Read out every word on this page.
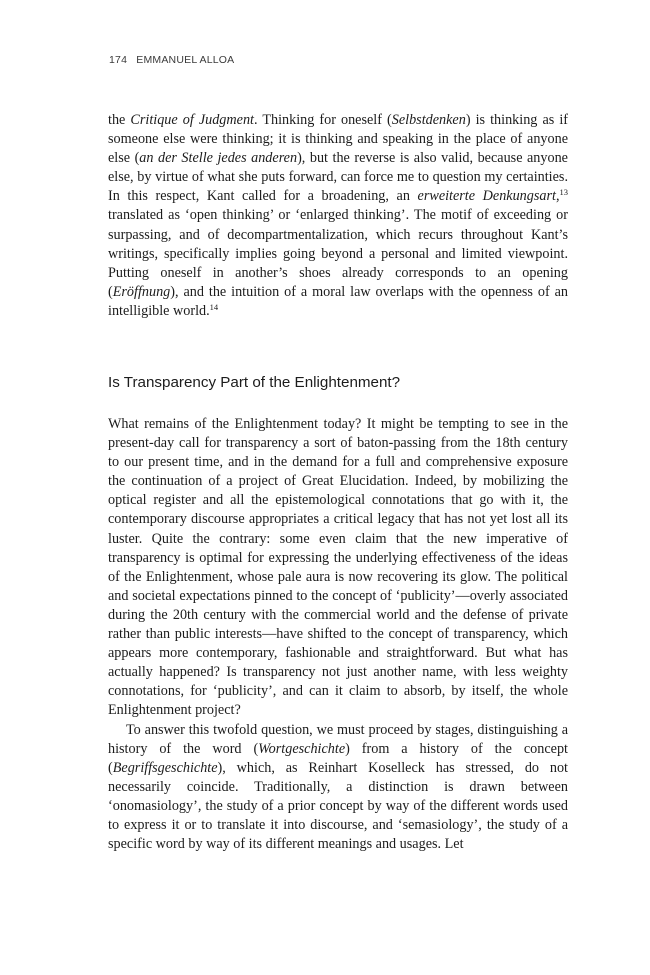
174 EMMANUEL ALLOA

the Critique of Judgment. Thinking for oneself (Selbstdenken) is thinking as if someone else were thinking; it is thinking and speaking in the place of anyone else (an der Stelle jedes anderen), but the reverse is also valid, because anyone else, by virtue of what she puts forward, can force me to question my certainties. In this respect, Kant called for a broadening, an erweiterte Denkungsart,$^{13}$ translated as ‘open thinking’ or ‘enlarged thinking’. The motif of exceeding or surpassing, and of decompartmentalization, which recurs throughout Kant’s writings, specifically implies going beyond a personal and limited viewpoint. Putting oneself in another’s shoes already corresponds to an opening (Eröffnung), and the intuition of a moral law overlaps with the openness of an intelligible world.$^{14}$

Is Transparency Part of the Enlightenment?

What remains of the Enlightenment today? It might be tempting to see in the present-day call for transparency a sort of baton-passing from the 18th century to our present time, and in the demand for a full and comprehensive exposure the continuation of a project of Great Elucidation. Indeed, by mobilizing the optical register and all the epistemological connotations that go with it, the contemporary discourse appropriates a critical legacy that has not yet lost all its luster. Quite the contrary: some even claim that the new imperative of transparency is optimal for expressing the underlying effectiveness of the ideas of the Enlightenment, whose pale aura is now recovering its glow. The political and societal expectations pinned to the concept of ‘publicity’—overly associated during the 20th century with the commercial world and the defense of private rather than public interests—have shifted to the concept of transparency, which appears more contemporary, fashionable and straightforward. But what has actually happened? Is transparency not just another name, with less weighty connotations, for ‘publicity’, and can it claim to absorb, by itself, the whole Enlightenment project?

To answer this twofold question, we must proceed by stages, distinguishing a history of the word (Wortgeschichte) from a history of the concept (Begriffsgeschichte), which, as Reinhart Koselleck has stressed, do not necessarily coincide. Traditionally, a distinction is drawn between ‘onomasiology’, the study of a prior concept by way of the different words used to express it or to translate it into discourse, and ‘semasiology’, the study of a specific word by way of its different meanings and usages. Let
